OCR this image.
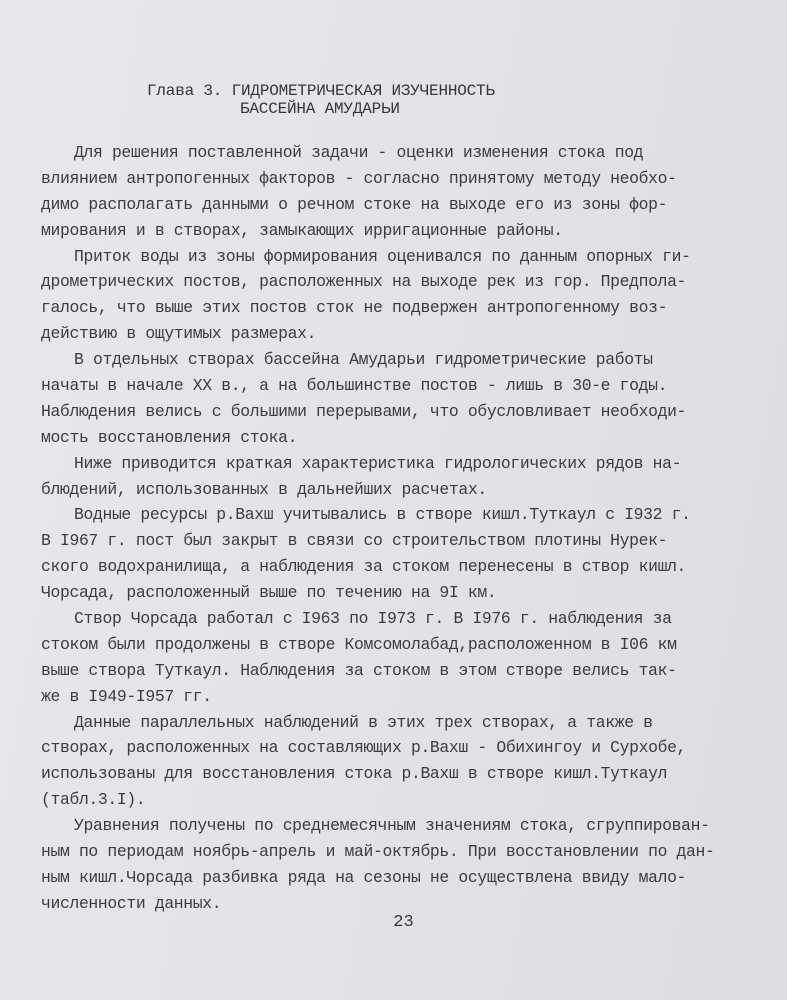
Глава 3. ГИДРОМЕТРИЧЕСКАЯ ИЗУЧЕННОСТЬ
БАССЕЙНА АМУДАРЬИ
Для решения поставленной задачи - оценки изменения стока под
влиянием антропогенных факторов - согласно принятому методу необхо-
димо располагать данными о речном стоке на выходе его из зоны фор-
мирования и в створах, замыкающих ирригационные районы.
Приток воды из зоны формирования оценивался по данным опорных ги-
дрометрических постов, расположенных на выходе рек из гор. Предпола-
галось, что выше этих постов сток не подвержен антропогенному воз-
действию в ощутимых размерах.
В отдельных створах бассейна Амударьи гидрометрические работы
начаты в начале XX в., а на большинстве постов - лишь в 30-е годы.
Наблюдения велись с большими перерывами, что обусловливает необходи-
мость восстановления стока.
Ниже приводится краткая характеристика гидрологических рядов на-
блюдений, использованных в дальнейших расчетах.
Водные ресурсы р.Вахш учитывались в створе кишл.Туткаул с I932 г.
В I967 г. пост был закрыт в связи со строительством плотины Нурек-
ского водохранилища, а наблюдения за стоком перенесены в створ кишл.
Чорсада, расположенный выше по течению на 9I км.
Створ Чорсада работал с I963 по I973 г. В I976 г. наблюдения за
стоком были продолжены в створе Комсомолабад,расположенном в I06 км
выше створа Туткаул. Наблюдения за стоком в этом створе велись так-
же в I949-I957 гг.
Данные параллельных наблюдений в этих трех створах, а также в
створах, расположенных на составляющих р.Вахш - Обихингоу и Сурхобе,
использованы для восстановления стока р.Вахш в створе кишл.Туткаул
(табл.3.I).
Уравнения получены по среднемесячным значениям стока, сгруппирован-
ным по периодам ноябрь-апрель и май-октябрь. При восстановлении по дан-
ным кишл.Чорсада разбивка ряда на сезоны не осуществлена ввиду мало-
численности данных.
23
